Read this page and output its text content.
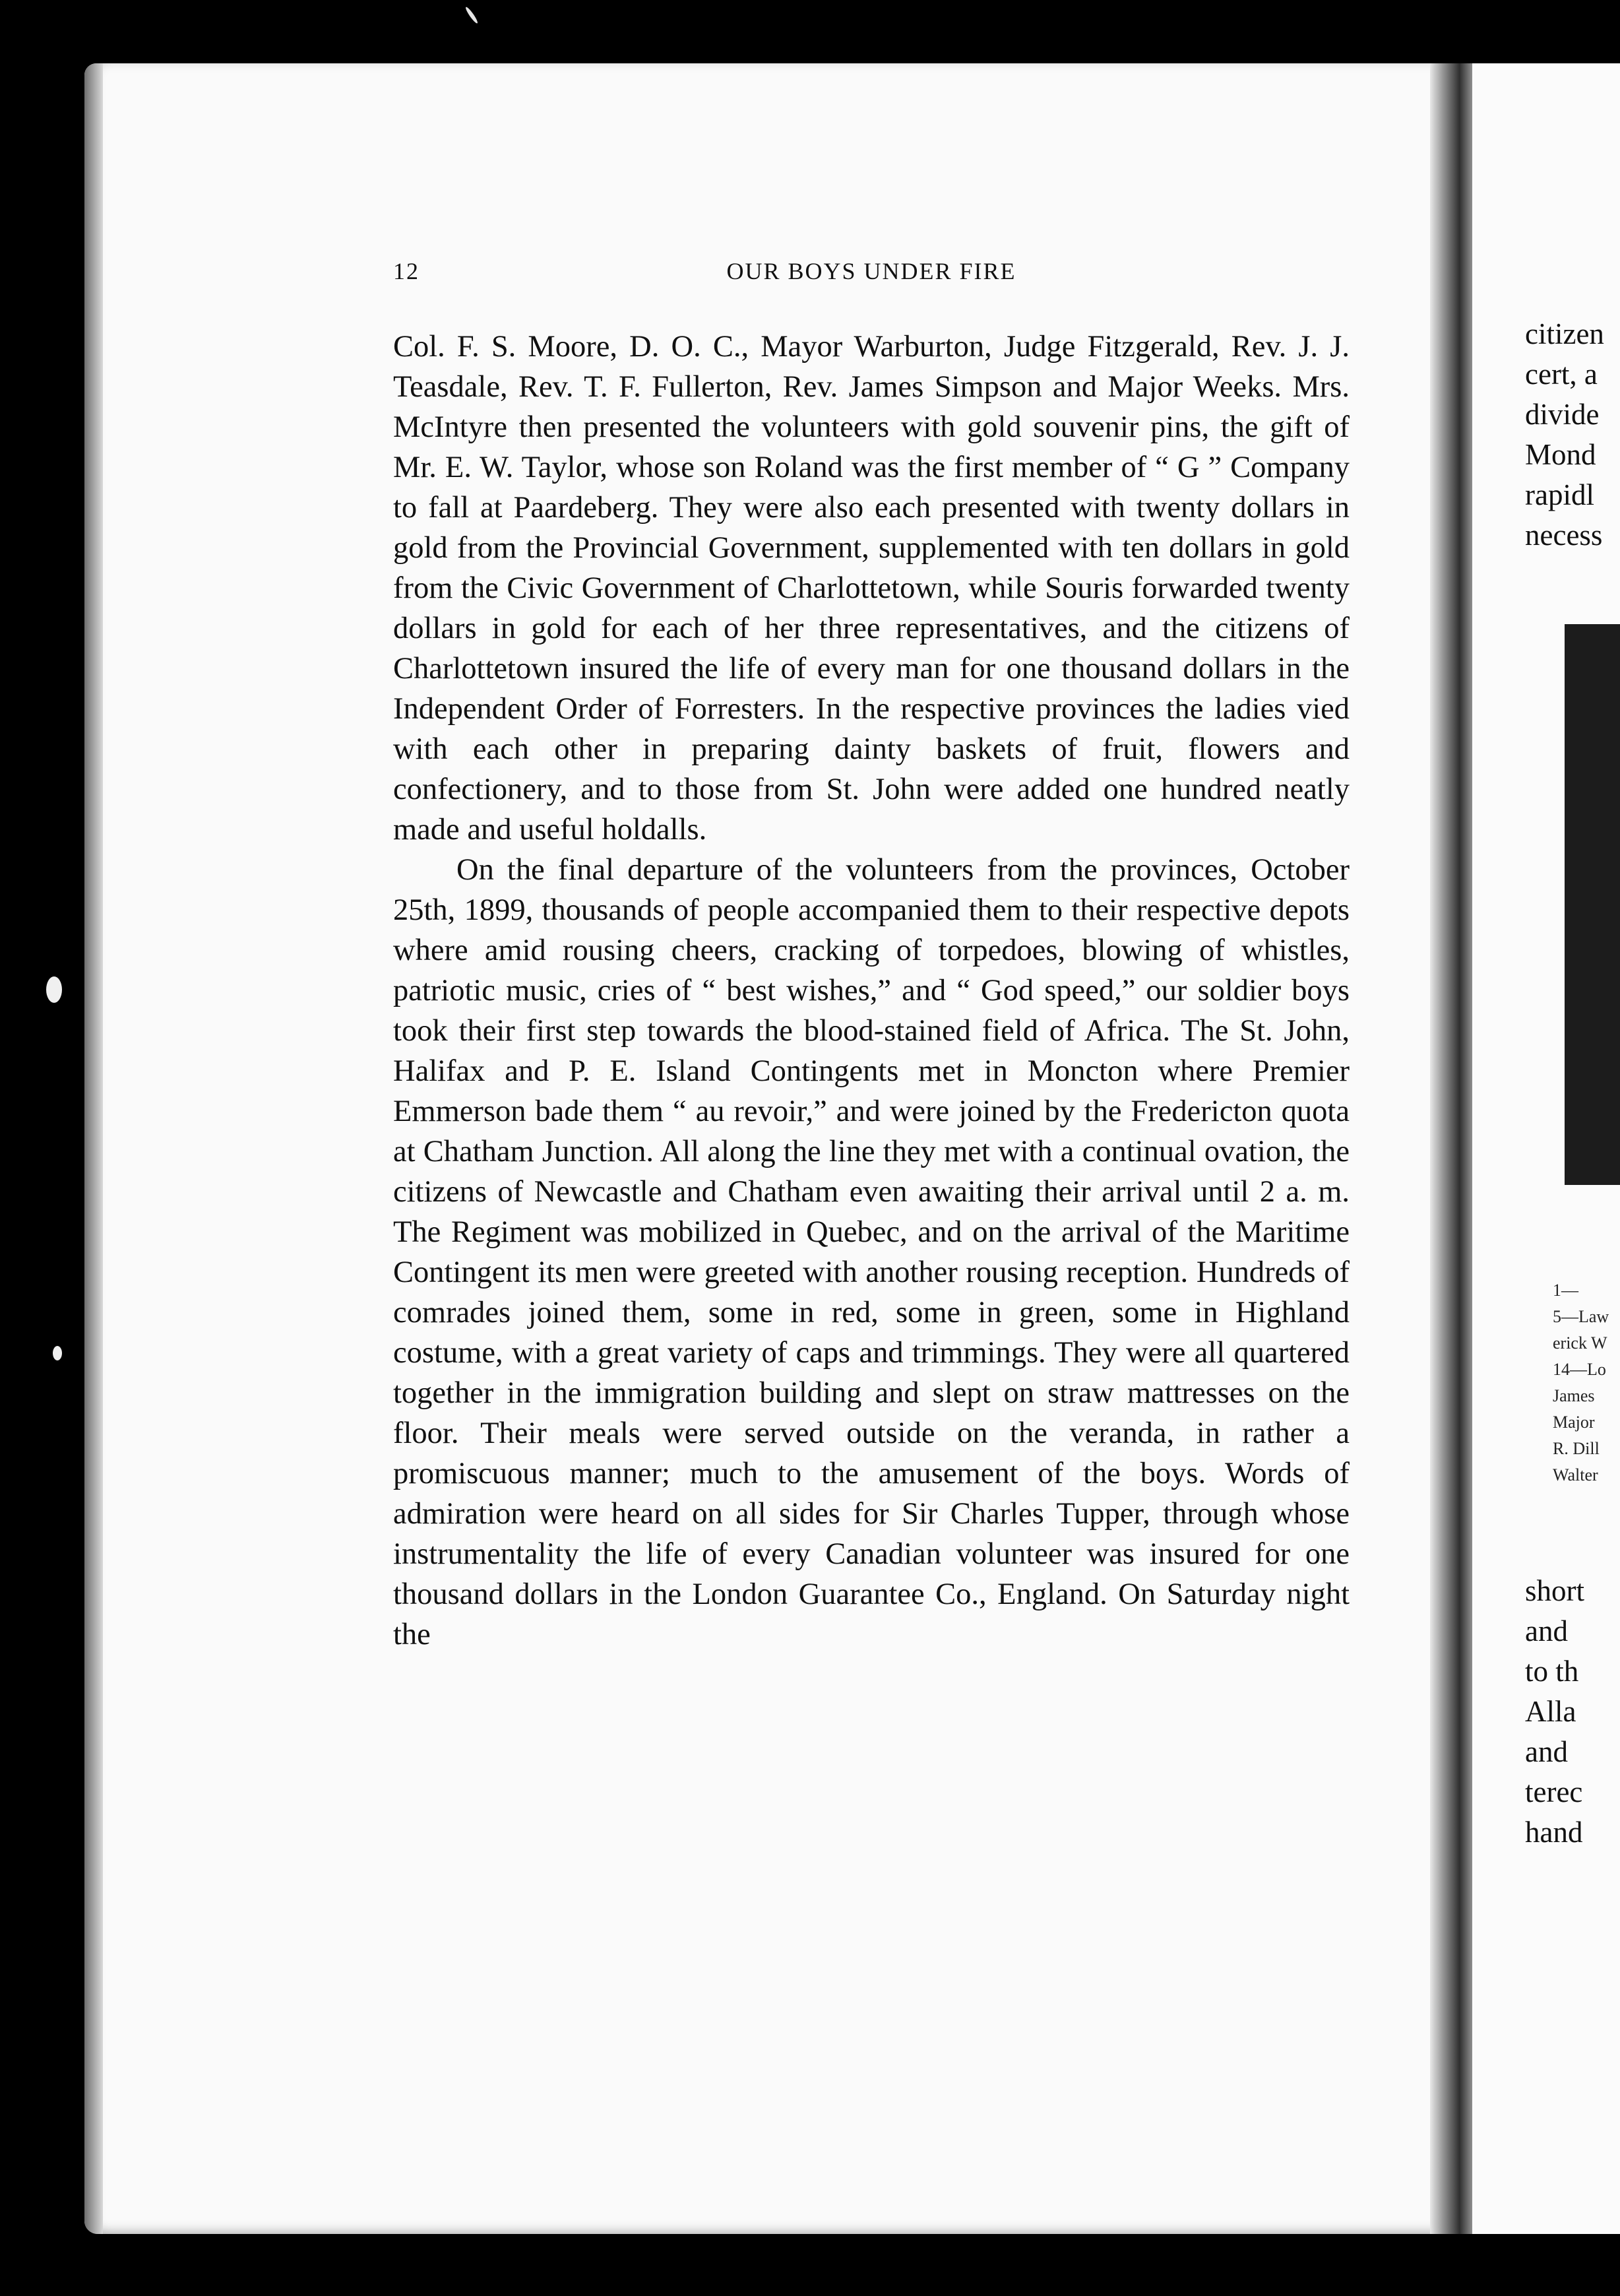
12	OUR BOYS UNDER FIRE

Col. F. S. Moore, D. O. C., Mayor Warburton, Judge Fitzgerald, Rev. J. J. Teasdale, Rev. T. F. Fullerton, Rev. James Simpson and Major Weeks. Mrs. McIntyre then presented the volunteers with gold souvenir pins, the gift of Mr. E. W. Taylor, whose son Roland was the first member of “ G ” Company to fall at Paardeberg. They were also each presented with twenty dollars in gold from the Provincial Government, supplemented with ten dollars in gold from the Civic Government of Charlottetown, while Souris forwarded twenty dollars in gold for each of her three representatives, and the citizens of Charlottetown insured the life of every man for one thousand dollars in the Independent Order of Forresters. In the respective provinces the ladies vied with each other in preparing dainty baskets of fruit, flowers and confectionery, and to those from St. John were added one hundred neatly made and useful holdalls.

On the final departure of the volunteers from the provinces, October 25th, 1899, thousands of people accompanied them to their respective depots where amid rousing cheers, cracking of torpedoes, blowing of whistles, patriotic music, cries of “ best wishes,” and “ God speed,” our soldier boys took their first step towards the blood-stained field of Africa. The St. John, Halifax and P. E. Island Contingents met in Moncton where Premier Emmerson bade them “ au revoir,” and were joined by the Fredericton quota at Chatham Junction. All along the line they met with a continual ovation, the citizens of Newcastle and Chatham even awaiting their arrival until 2 a. m. The Regiment was mobilized in Quebec, and on the arrival of the Maritime Contingent its men were greeted with another rousing reception. Hundreds of comrades joined them, some in red, some in green, some in Highland costume, with a great variety of caps and trimmings. They were all quartered together in the immigration building and slept on straw mattresses on the floor. Their meals were served outside on the veranda, in rather a promiscuous manner; much to the amusement of the boys. Words of admiration were heard on all sides for Sir Charles Tupper, through whose instrumentality the life of every Canadian volunteer was insured for one thousand dollars in the London Guarantee Co., England. On Saturday night the

citizen
cert, a
divide
Mond
rapidl
necess
1—
5—Law
erick W
14—Lo
James
Major
R. Dill
Walter
short
and
to th
Alla
and
terec
hand
